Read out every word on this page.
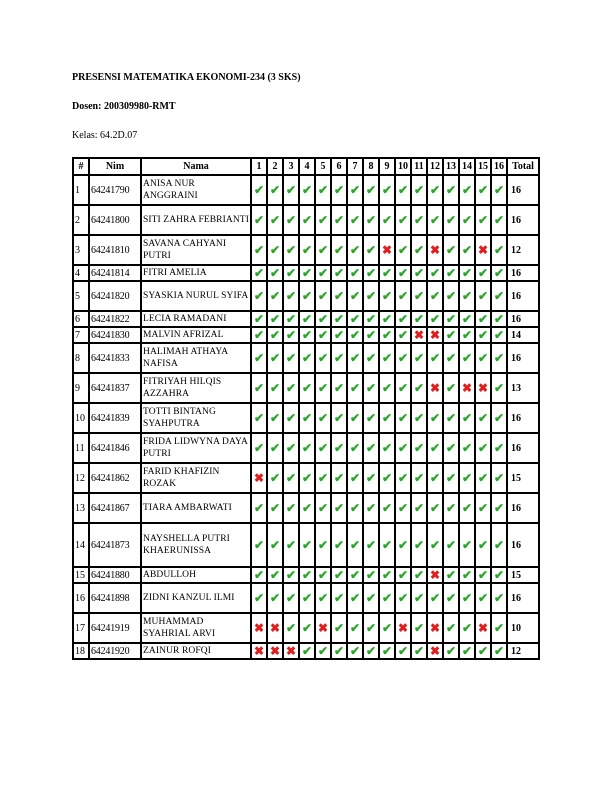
PRESENSI MATEMATIKA EKONOMI-234 (3 SKS)
Dosen: 200309980-RMT
Kelas: 64.2D.07
#	Nim	Nama	1	2	3	4	5	6	7	8	9	10	11	12	13	14	15	16	Total
1	64241790	ANISA NUR ANGGRAINI	✔	✔	✔	✔	✔	✔	✔	✔	✔	✔	✔	✔	✔	✔	✔	✔	16
2	64241800	SITI ZAHRA FEBRIANTI	✔	✔	✔	✔	✔	✔	✔	✔	✔	✔	✔	✔	✔	✔	✔	✔	16
3	64241810	SAVANA CAHYANI PUTRI	✔	✔	✔	✔	✔	✔	✔	✔	✖	✔	✔	✖	✔	✔	✖	✔	12
4	64241814	FITRI AMELIA	✔	✔	✔	✔	✔	✔	✔	✔	✔	✔	✔	✔	✔	✔	✔	✔	16
5	64241820	SYASKIA NURUL SYIFA	✔	✔	✔	✔	✔	✔	✔	✔	✔	✔	✔	✔	✔	✔	✔	✔	16
6	64241822	LECIA RAMADANI	✔	✔	✔	✔	✔	✔	✔	✔	✔	✔	✔	✔	✔	✔	✔	✔	16
7	64241830	MALVIN AFRIZAL	✔	✔	✔	✔	✔	✔	✔	✔	✔	✔	✖	✖	✔	✔	✔	✔	14
8	64241833	HALIMAH ATHAYA NAFISA	✔	✔	✔	✔	✔	✔	✔	✔	✔	✔	✔	✔	✔	✔	✔	✔	16
9	64241837	FITRIYAH HILQIS AZZAHRA	✔	✔	✔	✔	✔	✔	✔	✔	✔	✔	✔	✖	✔	✖	✖	✔	13
10	64241839	TOTTI BINTANG SYAHPUTRA	✔	✔	✔	✔	✔	✔	✔	✔	✔	✔	✔	✔	✔	✔	✔	✔	16
11	64241846	FRIDA LIDWYNA DAYA PUTRI	✔	✔	✔	✔	✔	✔	✔	✔	✔	✔	✔	✔	✔	✔	✔	✔	16
12	64241862	FARID KHAFIZIN ROZAK	✖	✔	✔	✔	✔	✔	✔	✔	✔	✔	✔	✔	✔	✔	✔	✔	15
13	64241867	TIARA AMBARWATI	✔	✔	✔	✔	✔	✔	✔	✔	✔	✔	✔	✔	✔	✔	✔	✔	16
14	64241873	NAYSHELLA PUTRI KHAERUNISSA	✔	✔	✔	✔	✔	✔	✔	✔	✔	✔	✔	✔	✔	✔	✔	✔	16
15	64241880	ABDULLOH	✔	✔	✔	✔	✔	✔	✔	✔	✔	✔	✔	✖	✔	✔	✔	✔	15
16	64241898	ZIDNI KANZUL ILMI	✔	✔	✔	✔	✔	✔	✔	✔	✔	✔	✔	✔	✔	✔	✔	✔	16
17	64241919	MUHAMMAD SYAHRIAL ARVI	✖	✖	✔	✔	✖	✔	✔	✔	✔	✖	✔	✖	✔	✔	✖	✔	10
18	64241920	ZAINUR ROFQI	✖	✖	✖	✔	✔	✔	✔	✔	✔	✔	✔	✖	✔	✔	✔	✔	12
